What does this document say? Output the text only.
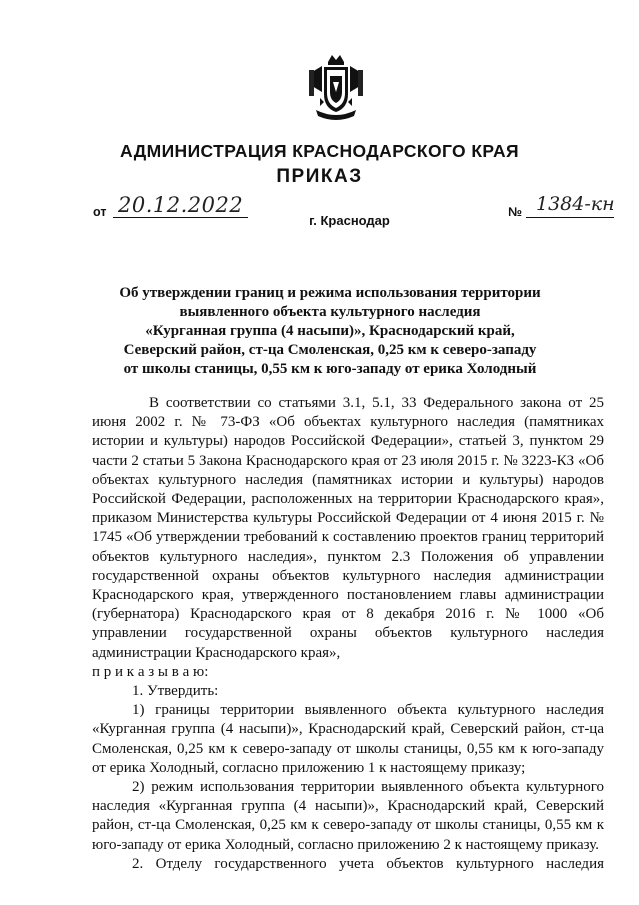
АДМИНИСТРАЦИЯ КРАСНОДАРСКОГО КРАЯ
ПРИКАЗ
от 20.12.2022
г. Краснодар
№ 1384-кн
Об утверждении границ и режима использования территории
выявленного объекта культурного наследия
«Курганная группа (4 насыпи)», Краснодарский край,
Северский район, ст-ца Смоленская, 0,25 км к северо-западу
от школы станицы, 0,55 км к юго-западу от ерика Холодный

В соответствии со статьями 3.1, 5.1, 33 Федерального закона от 25 июня 2002 г. № 73-ФЗ «Об объектах культурного наследия (памятниках истории и культуры) народов Российской Федерации», статьей 3, пунктом 29 части 2 статьи 5 Закона Краснодарского края от 23 июля 2015 г. № 3223-КЗ «Об объектах культурного наследия (памятниках истории и культуры) народов Российской Федерации, расположенных на территории Краснодарского края», приказом Министерства культуры Российской Федерации от 4 июня 2015 г. № 1745 «Об утверждении требований к составлению проектов границ территорий объектов культурного наследия», пунктом 2.3 Положения об управлении государственной охраны объектов культурного наследия администрации Краснодарского края, утвержденного постановлением главы администрации (губернатора) Краснодарского края от 8 декабря 2016 г. № 1000 «Об управлении государственной охраны объектов культурного наследия администрации Краснодарского края»,

п р и к а з ы в а ю:

1. Утвердить:

1) границы территории выявленного объекта культурного наследия «Курганная группа (4 насыпи)», Краснодарский край, Северский район, ст-ца Смоленская, 0,25 км к северо-западу от школы станицы, 0,55 км к юго-западу от ерика Холодный, согласно приложению 1 к настоящему приказу;

2) режим использования территории выявленного объекта культурного наследия «Курганная группа (4 насыпи)», Краснодарский край, Северский район, ст-ца Смоленская, 0,25 км к северо-западу от школы станицы, 0,55 км к юго-западу от ерика Холодный, согласно приложению 2 к настоящему приказу.

2. Отделу государственного учета объектов культурного наследия
